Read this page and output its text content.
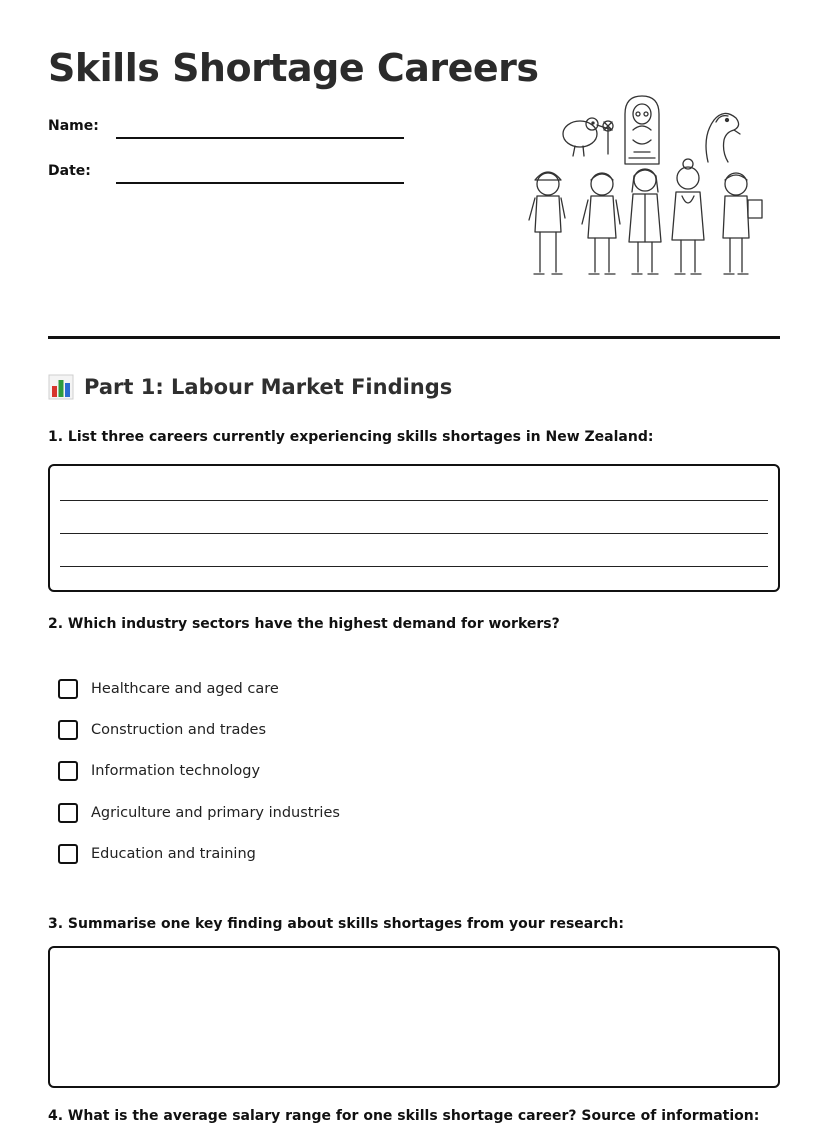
Skills Shortage Careers
Name:
Date:
Part 1: Labour Market Findings
1. List three careers currently experiencing skills shortages in New Zealand:
2. Which industry sectors have the highest demand for workers?
Healthcare and aged care
Construction and trades
Information technology
Agriculture and primary industries
Education and training
3. Summarise one key finding about skills shortages from your research:
4. What is the average salary range for one skills shortage career? Source of information:
